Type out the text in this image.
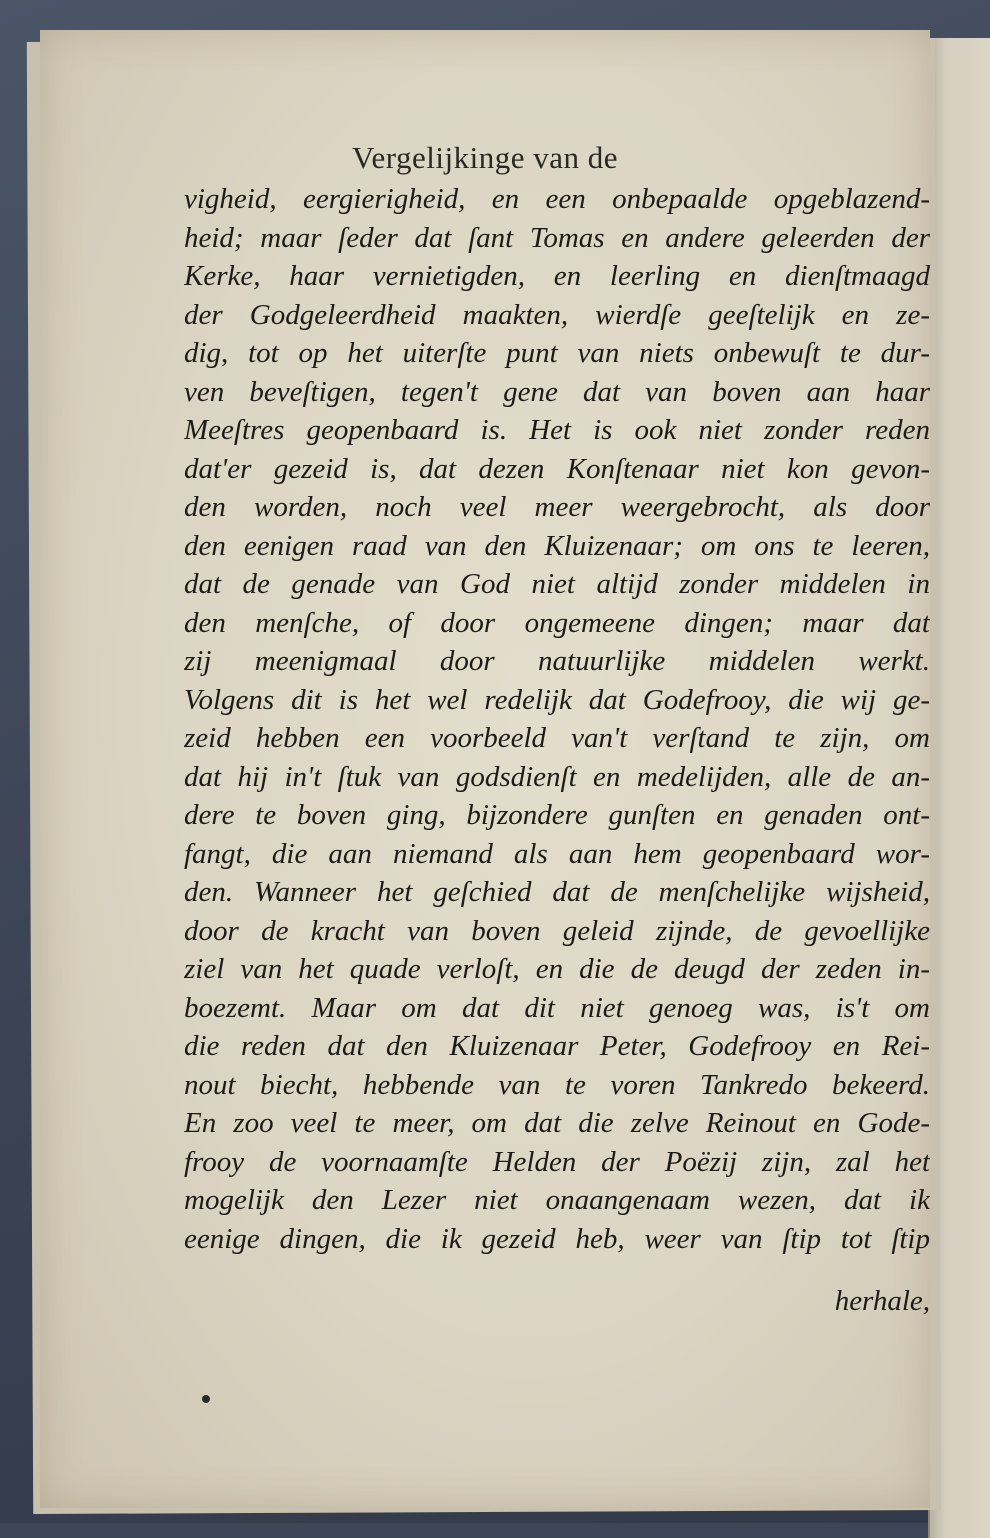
Vergelijkinge van de
vigheid, eergierigheid, en een onbepaalde opgeblazend-
heid; maar ſeder dat ſant Tomas en andere geleerden der
Kerke, haar vernietigden, en leerling en dienſtmaagd
der Godgeleerdheid maakten, wierdſe geeſtelijk en ze-
dig, tot op het uiterſte punt van niets onbewuſt te dur-
ven beveſtigen, tegen't gene dat van boven aan haar
Meeſtres geopenbaard is. Het is ook niet zonder reden
dat'er gezeid is, dat dezen Konſtenaar niet kon gevon-
den worden, noch veel meer weergebrocht, als door
den eenigen raad van den Kluizenaar; om ons te leeren,
dat de genade van God niet altijd zonder middelen in
den menſche, of door ongemeene dingen; maar dat
zij meenigmaal door natuurlijke middelen werkt.
Volgens dit is het wel redelijk dat Godefrooy, die wij ge-
zeid hebben een voorbeeld van't verſtand te zijn, om
dat hij in't ſtuk van godsdienſt en medelijden, alle de an-
dere te boven ging, bijzondere gunſten en genaden ont-
fangt, die aan niemand als aan hem geopenbaard wor-
den. Wanneer het geſchied dat de menſchelijke wijsheid,
door de kracht van boven geleid zijnde, de gevoellijke
ziel van het quade verloſt, en die de deugd der zeden in-
boezemt. Maar om dat dit niet genoeg was, is't om
die reden dat den Kluizenaar Peter, Godefrooy en Rei-
nout biecht, hebbende van te voren Tankredo bekeerd.
En zoo veel te meer, om dat die zelve Reinout en Gode-
frooy de voornaamſte Helden der Poëzij zijn, zal het
mogelijk den Lezer niet onaangenaam wezen, dat ik
eenige dingen, die ik gezeid heb, weer van ſtip tot ſtip
herhale,
